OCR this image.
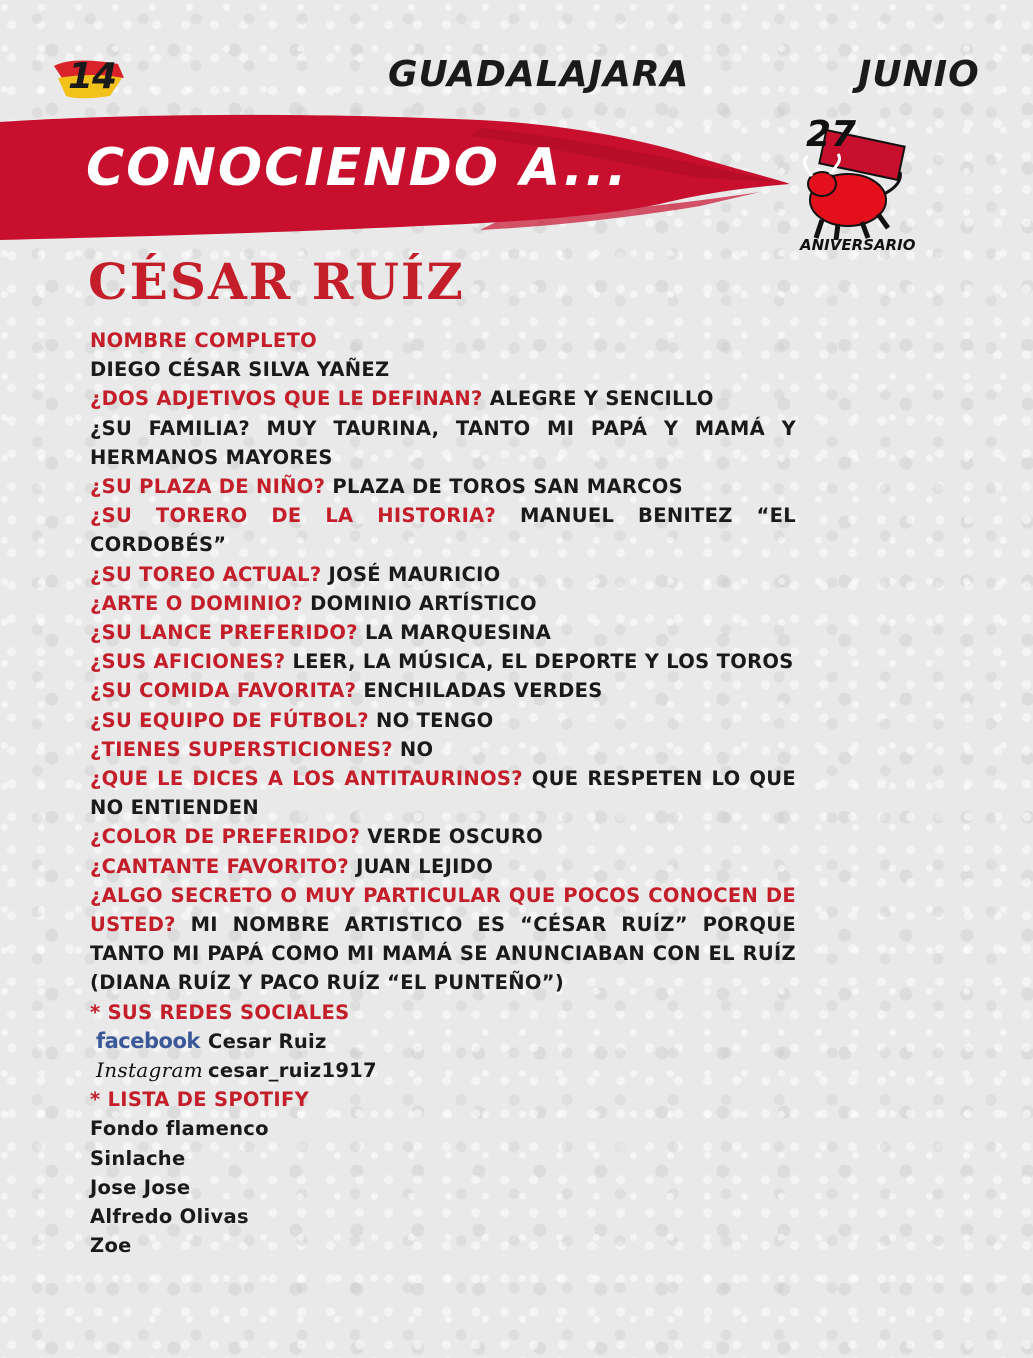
14	GUADALAJARA	JUNIO
CONOCIENDO A...
27
ANIVERSARIO
CÉSAR RUÍZ
NOMBRE COMPLETO
DIEGO CÉSAR SILVA YAÑEZ
¿DOS ADJETIVOS QUE LE DEFINAN? ALEGRE Y SENCILLO
¿SU FAMILIA? MUY TAURINA, TANTO MI PAPÁ Y MAMÁ Y HERMANOS MAYORES
¿SU PLAZA DE NIÑO? PLAZA DE TOROS SAN MARCOS
¿SU TORERO DE LA HISTORIA? MANUEL BENITEZ “EL CORDOBÉS”
¿SU TOREO ACTUAL? JOSÉ MAURICIO
¿ARTE O DOMINIO? DOMINIO ARTÍSTICO
¿SU LANCE PREFERIDO? LA MARQUESINA
¿SUS AFICIONES? LEER, LA MÚSICA, EL DEPORTE Y LOS TOROS
¿SU COMIDA FAVORITA? ENCHILADAS VERDES
¿SU EQUIPO DE FÚTBOL? NO TENGO
¿TIENES SUPERSTICIONES? NO
¿QUE LE DICES A LOS ANTITAURINOS? QUE RESPETEN LO QUE NO ENTIENDEN
¿COLOR DE PREFERIDO? VERDE OSCURO
¿CANTANTE FAVORITO? JUAN LEJIDO
¿ALGO SECRETO O MUY PARTICULAR QUE POCOS CONOCEN DE USTED? MI NOMBRE ARTISTICO ES “CÉSAR RUÍZ” PORQUE TANTO MI PAPÁ COMO MI MAMÁ SE ANUNCIABAN CON EL RUÍZ (DIANA RUÍZ Y PACO RUÍZ “EL PUNTEÑO”)
* SUS REDES SOCIALES
facebook Cesar Ruiz
Instagram cesar_ruiz1917
* LISTA DE SPOTIFY
Fondo flamenco
Sinlache
Jose Jose
Alfredo Olivas
Zoe
